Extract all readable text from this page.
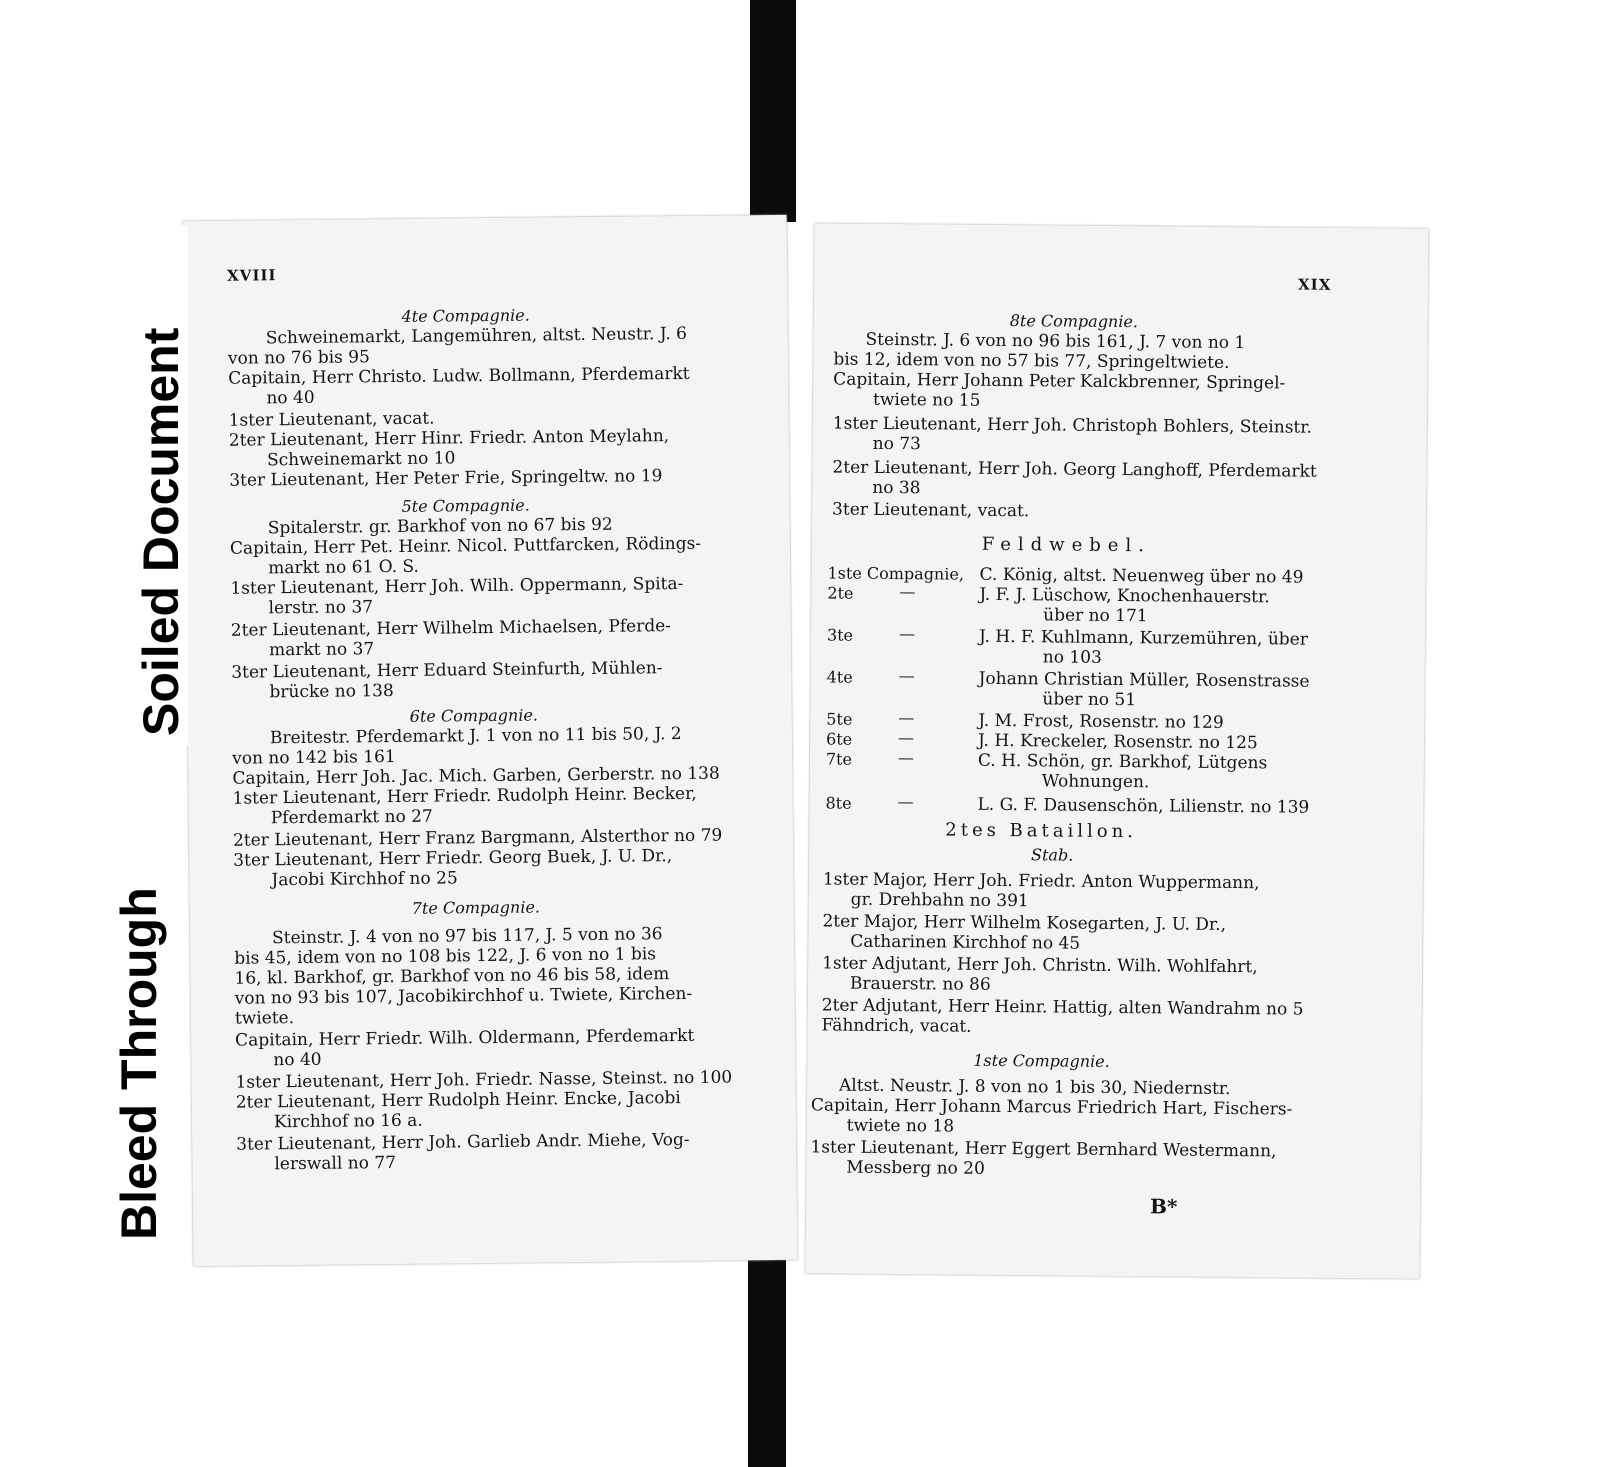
XVIII
4te Compagnie.
Schweinemarkt, Langemühren, altst. Neustr. J. 6
von no 76 bis 95
Capitain, Herr Christo. Ludw. Bollmann, Pferdemarkt
no 40
1ster Lieutenant, vacat.
2ter Lieutenant, Herr Hinr. Friedr. Anton Meylahn,
Schweinemarkt no 10
3ter Lieutenant, Her Peter Frie, Springeltw. no 19
5te Compagnie.
Spitalerstr. gr. Barkhof von no 67 bis 92
Capitain, Herr Pet. Heinr. Nicol. Puttfarcken, Rödings-
markt no 61 O. S.
1ster Lieutenant, Herr Joh. Wilh. Oppermann, Spita-
lerstr. no 37
2ter Lieutenant, Herr Wilhelm Michaelsen, Pferde-
markt no 37
3ter Lieutenant, Herr Eduard Steinfurth, Mühlen-
brücke no 138
6te Compagnie.
Breitestr. Pferdemarkt J. 1 von no 11 bis 50, J. 2
von no 142 bis 161
Capitain, Herr Joh. Jac. Mich. Garben, Gerberstr. no 138
1ster Lieutenant, Herr Friedr. Rudolph Heinr. Becker,
Pferdemarkt no 27
2ter Lieutenant, Herr Franz Bargmann, Alsterthor no 79
3ter Lieutenant, Herr Friedr. Georg Buek, J. U. Dr.,
Jacobi Kirchhof no 25
7te Compagnie.
Steinstr. J. 4 von no 97 bis 117, J. 5 von no 36
bis 45, idem von no 108 bis 122, J. 6 von no 1 bis
16, kl. Barkhof, gr. Barkhof von no 46 bis 58, idem
von no 93 bis 107, Jacobikirchhof u. Twiete, Kirchen-
twiete.
Capitain, Herr Friedr. Wilh. Oldermann, Pferdemarkt
no 40
1ster Lieutenant, Herr Joh. Friedr. Nasse, Steinst. no 100
2ter Lieutenant, Herr Rudolph Heinr. Encke, Jacobi
Kirchhof no 16 a.
3ter Lieutenant, Herr Joh. Garlieb Andr. Miehe, Vog-
lerswall no 77
XIX
8te Compagnie.
Steinstr. J. 6 von no 96 bis 161, J. 7 von no 1
bis 12, idem von no 57 bis 77, Springeltwiete.
Capitain, Herr Johann Peter Kalckbrenner, Springel-
twiete no 15
1ster Lieutenant, Herr Joh. Christoph Bohlers, Steinstr.
no 73
2ter Lieutenant, Herr Joh. Georg Langhoff, Pferdemarkt
no 38
3ter Lieutenant, vacat.
Feldwebel.
1ste Compagnie, C. König, altst. Neuenweg über no 49
2te	—	J. F. J. Lüschow, Knochenhauerstr.
über no 171
3te	—	J. H. F. Kuhlmann, Kurzemühren, über
no 103
4te	—	Johann Christian Müller, Rosenstrasse
über no 51
5te	—	J. M. Frost, Rosenstr. no 129
6te	—	J. H. Kreckeler, Rosenstr. no 125
7te	—	C. H. Schön, gr. Barkhof, Lütgens
Wohnungen.
8te	—	L. G. F. Dausenschön, Lilienstr. no 139
2tes Bataillon.
Stab.
1ster Major, Herr Joh. Friedr. Anton Wuppermann,
gr. Drehbahn no 391
2ter Major, Herr Wilhelm Kosegarten, J. U. Dr.,
Catharinen Kirchhof no 45
1ster Adjutant, Herr Joh. Christn. Wilh. Wohlfahrt,
Brauerstr. no 86
2ter Adjutant, Herr Heinr. Hattig, alten Wandrahm no 5
Fähndrich, vacat.
1ste Compagnie.
Altst. Neustr. J. 8 von no 1 bis 30, Niedernstr.
Capitain, Herr Johann Marcus Friedrich Hart, Fischers-
twiete no 18
1ster Lieutenant, Herr Eggert Bernhard Westermann,
Messberg no 20
B*
Soiled Document
Bleed Through
